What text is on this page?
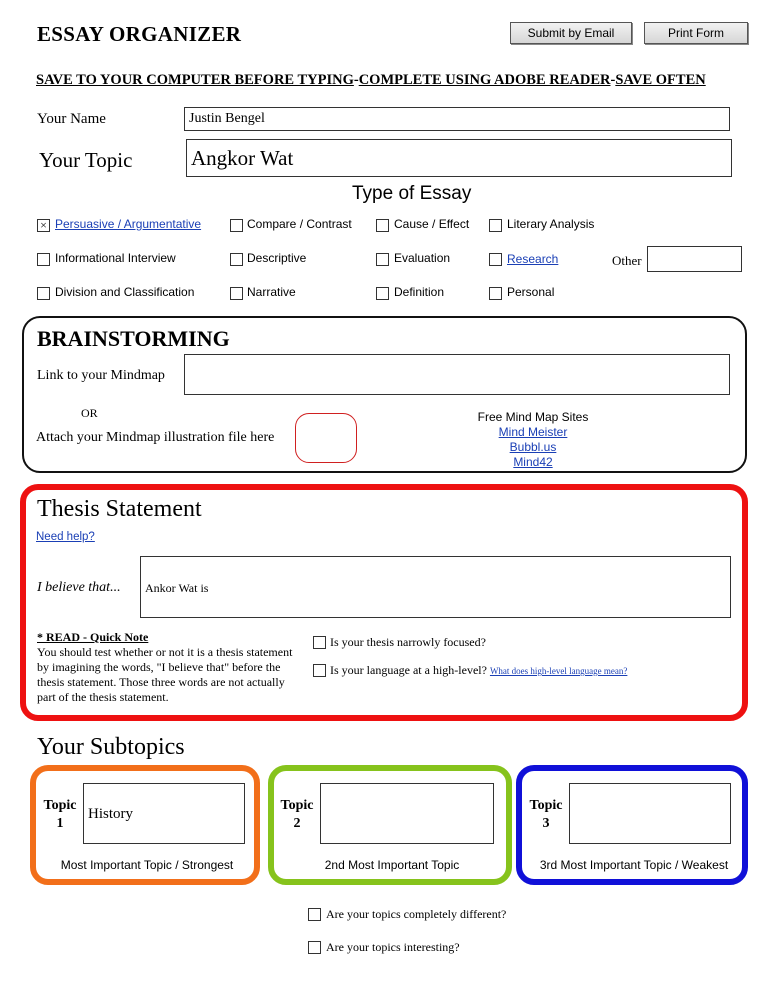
ESSAY ORGANIZER	Submit by Email	Print Form
SAVE TO YOUR COMPUTER BEFORE TYPING-COMPLETE USING ADOBE READER-SAVE OFTEN
Your Name	Justin Bengel
Your Topic	Angkor Wat
Type of Essay
× Persuasive / Argumentative	Compare / Contrast	Cause / Effect	Literary Analysis
Informational Interview	Descriptive	Evaluation	Research	Other
Division and Classification	Narrative	Definition	Personal
BRAINSTORMING
Link to your Mindmap
OR
Attach your Mindmap illustration file here
Free Mind Map Sites
Mind Meister
Bubbl.us
Mind42
Thesis Statement
Need help?
I believe that...	Ankor Wat is
* READ - Quick Note
You should test whether or not it is a thesis statement by imagining the words, "I believe that" before the thesis statement. Those three words are not actually part of the thesis statement.
Is your thesis narrowly focused?
Is your language at a high-level? What does high-level language mean?
Your Subtopics
Topic
1
History
Most Important Topic / Strongest
Topic
2
2nd Most Important Topic
Topic
3
3rd Most Important Topic / Weakest
Are your topics completely different?
Are your topics interesting?
